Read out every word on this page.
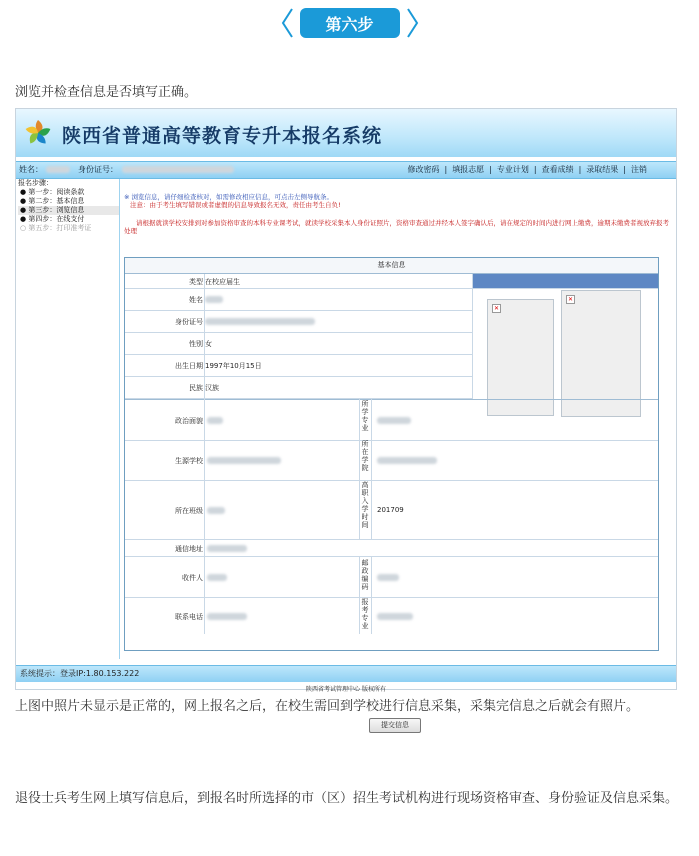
第六步
浏览并检查信息是否填写正确。
陕西省普通高等教育专升本报名系统
姓名：	身份证号：	修改密码 | 填报志愿 | 专业计划 | 查看成绩 | 录取结果 | 注销
报名步骤：
● 第一步：阅读条款
● 第二步：基本信息
● 第三步：浏览信息
● 第四步：在线支付
○ 第五步：打印准考证
※ 浏览信息，请仔细检查核对，如需修改相应信息，可点击左侧导航条。
注意：由于考生填写错误或者虚假的信息导致报名无效，责任由考生自负!
请根据就读学校安排到对参加资格审查的本科专业课考试，就读学校采集本人身份证照片，资格审查通过并经本人签字确认后，请在规定的时间内进行网上缴费，逾期未缴费者视放弃报考处理
基本信息
类型 在校应届生
姓名
身份证号
性别 女
出生日期 1997年10月15日
民族 汉族
✕
✕
政治面貌
所学专业
生源学校
所在学院
所在班级
高职入学时间
201709
通信地址
收件人
邮政编码
联系电话
报考专业
提交信息
系统提示：登录IP:1.80.153.222
陕西省考试管理中心 版权所有
上图中照片未显示是正常的，网上报名之后，在校生需回到学校进行信息采集，采集完信息之后就会有照片。
退役士兵考生网上填写信息后，到报名时所选择的市（区）招生考试机构进行现场资格审查、身份验证及信息采集。
